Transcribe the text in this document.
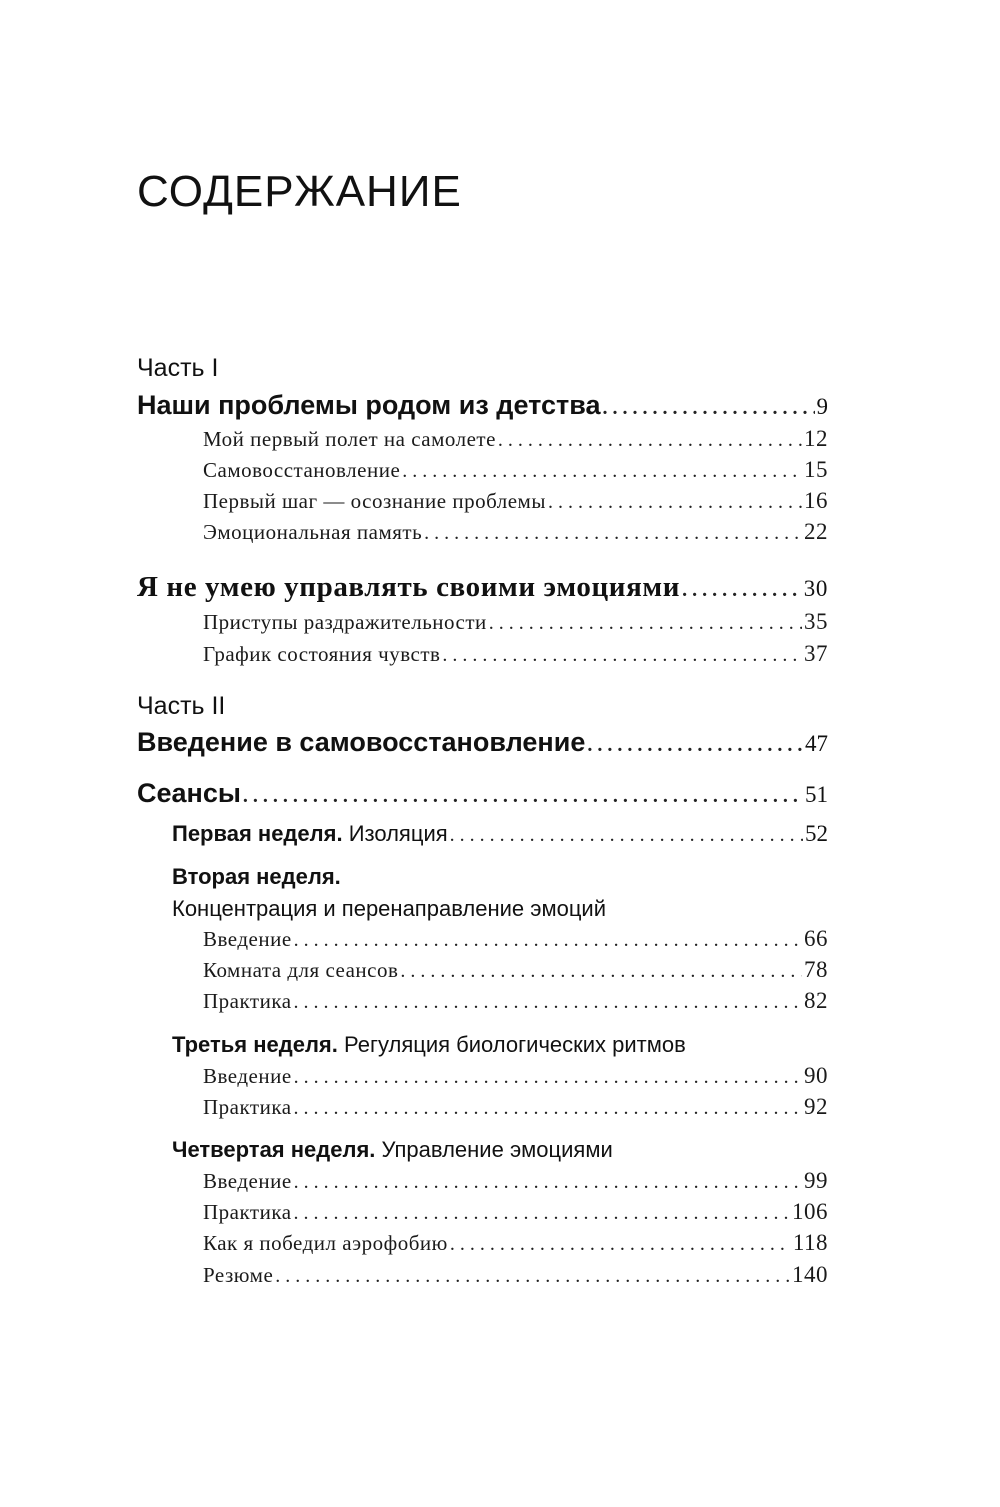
СОДЕРЖАНИЕ
Часть I
Наши проблемы родом из детства . . .	9
Мой первый полет на самолете . . .	12
Самовосстановление . . .	15
Первый шаг — осознание проблемы . . .	16
Эмоциональная память . . .	22
Я не умею управлять своими эмоциями . . .	30
Приступы раздражительности . . .	35
График состояния чувств . . .	37
Часть II
Введение в самовосстановление . . .	47
Сеансы . . .	51
Первая неделя. Изоляция . . .	52
Вторая неделя.
Концентрация и перенаправление эмоций
Введение . . .	66
Комната для сеансов . . .	78
Практика . . .	82
Третья неделя. Регуляция биологических ритмов
Введение . . .	90
Практика . . .	92
Четвертая неделя. Управление эмоциями
Введение . . .	99
Практика . . .	106
Как я победил аэрофобию . . .	118
Резюме . . .	140
